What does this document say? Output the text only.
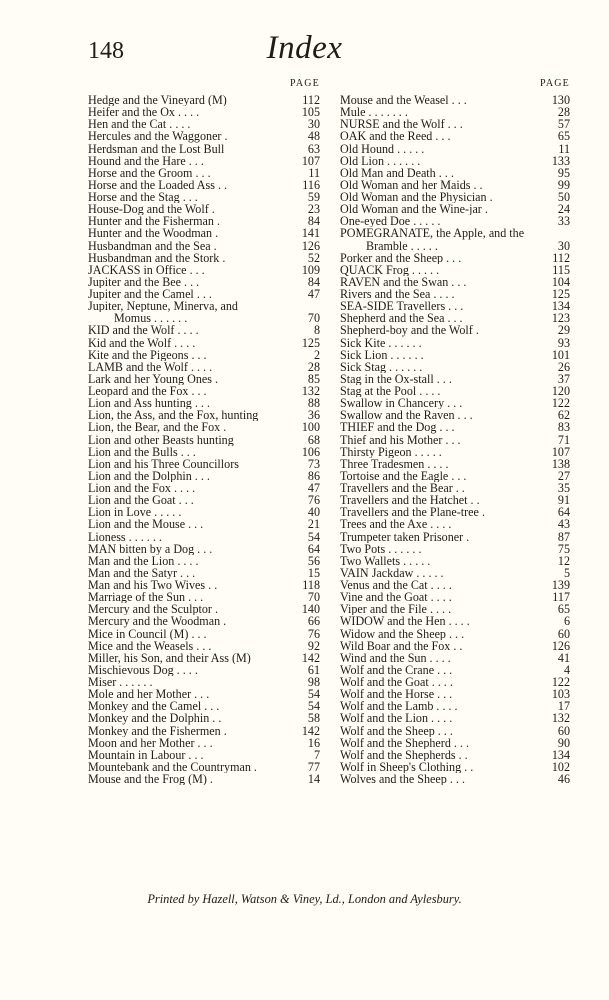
148	Index
PAGE
Hedge and the Vineyard (M)	112
Heifer and the Ox . . . .	105
Hen and the Cat . . . .	30
Hercules and the Waggoner .	48
Herdsman and the Lost Bull	63
Hound and the Hare . . .	107
Horse and the Groom . . .	11
Horse and the Loaded Ass . .	116
Horse and the Stag . . .	59
House-Dog and the Wolf .	23
Hunter and the Fisherman .	84
Hunter and the Woodman .	141
Husbandman and the Sea .	126
Husbandman and the Stork .	52
JACKASS in Office . . .	109
Jupiter and the Bee . . .	84
Jupiter and the Camel . . .	47
Jupiter, Neptune, Minerva, and
Momus . . . . . .	70
KID and the Wolf . . . .	8
Kid and the Wolf . . . .	125
Kite and the Pigeons . . .	2
LAMB and the Wolf . . . .	28
Lark and her Young Ones .	85
Leopard and the Fox . . .	132
Lion and Ass hunting . . .	88
Lion, the Ass, and the Fox, hunting	36
Lion, the Bear, and the Fox .	100
Lion and other Beasts hunting	68
Lion and the Bulls . . .	106
Lion and his Three Councillors	73
Lion and the Dolphin . . .	86
Lion and the Fox . . . .	47
Lion and the Goat . . .	76
Lion in Love . . . . .	40
Lion and the Mouse . . .	21
Lioness . . . . . .	54
MAN bitten by a Dog . . .	64
Man and the Lion . . . .	56
Man and the Satyr . . .	15
Man and his Two Wives . .	118
Marriage of the Sun . . .	70
Mercury and the Sculptor .	140
Mercury and the Woodman .	66
Mice in Council (M) . . .	76
Mice and the Weasels . . .	92
Miller, his Son, and their Ass (M)	142
Mischievous Dog . . . .	61
Miser . . . . . .	98
Mole and her Mother . . .	54
Monkey and the Camel . . .	54
Monkey and the Dolphin . .	58
Monkey and the Fishermen .	142
Moon and her Mother . . .	16
Mountain in Labour . . .	7
Mountebank and the Countryman .	77
Mouse and the Frog (M) .	14
PAGE
Mouse and the Weasel . . .	130
Mule . . . . . . .	28
NURSE and the Wolf . . .	57
OAK and the Reed . . .	65
Old Hound . . . . .	11
Old Lion . . . . . .	133
Old Man and Death . . .	95
Old Woman and her Maids . .	99
Old Woman and the Physician .	50
Old Woman and the Wine-jar .	24
One-eyed Doe . . . . .	33
POMEGRANATE, the Apple, and the
Bramble . . . . .	30
Porker and the Sheep . . .	112
QUACK Frog . . . . .	115
RAVEN and the Swan . . .	104
Rivers and the Sea . . . .	125
SEA-SIDE Travellers . . .	134
Shepherd and the Sea . . .	123
Shepherd-boy and the Wolf .	29
Sick Kite . . . . . .	93
Sick Lion . . . . . .	101
Sick Stag . . . . . .	26
Stag in the Ox-stall . . .	37
Stag at the Pool . . . .	120
Swallow in Chancery . . .	122
Swallow and the Raven . . .	62
THIEF and the Dog . . .	83
Thief and his Mother . . .	71
Thirsty Pigeon . . . . .	107
Three Tradesmen . . . .	138
Tortoise and the Eagle . . .	27
Travellers and the Bear . .	35
Travellers and the Hatchet . .	91
Travellers and the Plane-tree .	64
Trees and the Axe . . . .	43
Trumpeter taken Prisoner .	87
Two Pots . . . . . .	75
Two Wallets . . . . .	12
VAIN Jackdaw . . . . .	5
Venus and the Cat . . . .	139
Vine and the Goat . . . .	117
Viper and the File . . . .	65
WIDOW and the Hen . . . .	6
Widow and the Sheep . . .	60
Wild Boar and the Fox . .	126
Wind and the Sun . . . .	41
Wolf and the Crane . . .	4
Wolf and the Goat . . . .	122
Wolf and the Horse . . .	103
Wolf and the Lamb . . . .	17
Wolf and the Lion . . . .	132
Wolf and the Sheep . . .	60
Wolf and the Shepherd . . .	90
Wolf and the Shepherds . .	134
Wolf in Sheep's Clothing . .	102
Wolves and the Sheep . . .	46
Printed by Hazell, Watson & Viney, Ld., London and Aylesbury.
